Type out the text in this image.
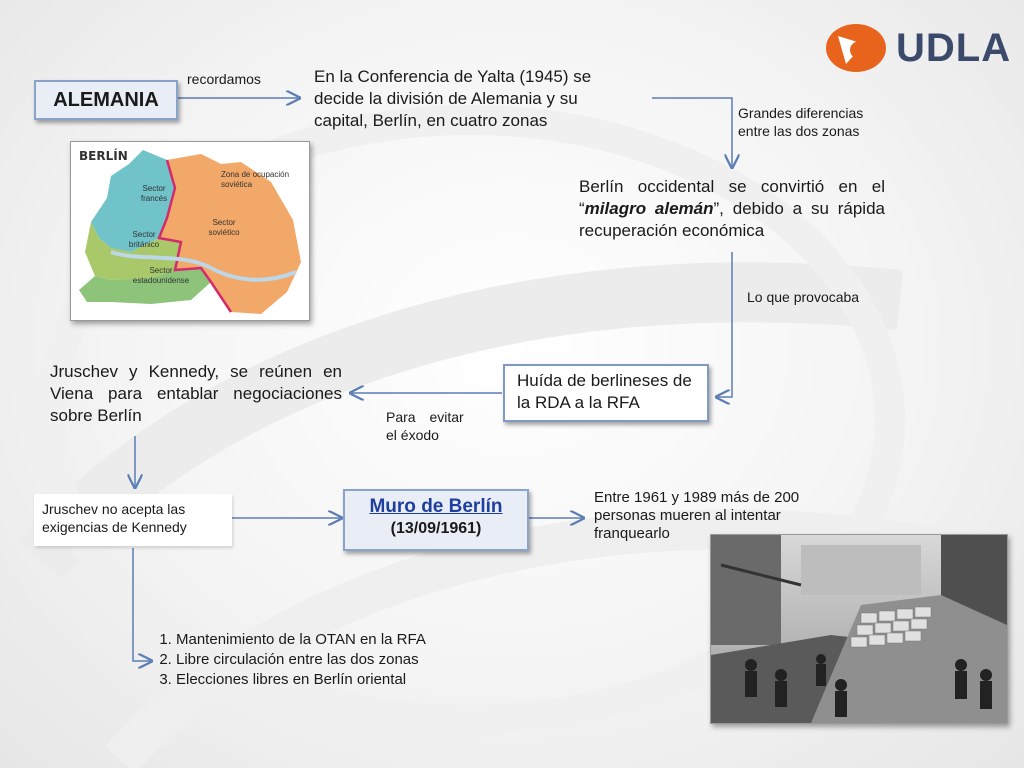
UDLA
ALEMANIA
recordamos	En la Conferencia de Yalta (1945) se decide la división de Alemania y su capital, Berlín, en cuatro zonas	Grandes diferencias entre las dos zonas
Berlín occidental se convirtió en el “milagro alemán”, debido a su rápida recuperación económica
Lo que provocaba
Huída de berlineses de la RDA a la RFA
Para evitar
el éxodo
Jruschev y Kennedy, se reúnen en Viena para entablar negociaciones sobre Berlín
Jruschev no acepta las exigencias de Kennedy
Muro de Berlín
(13/09/1961)
Entre 1961 y 1989 más de 200 personas mueren al intentar franquearlo
1. Mantenimiento de la OTAN en la RFA
2. Libre circulación entre las dos zonas
3. Elecciones libres en Berlín oriental
BERLÍN
Zona de ocupación soviética
Sector francés
Sector británico
Sector soviético
Sector estadounidense
